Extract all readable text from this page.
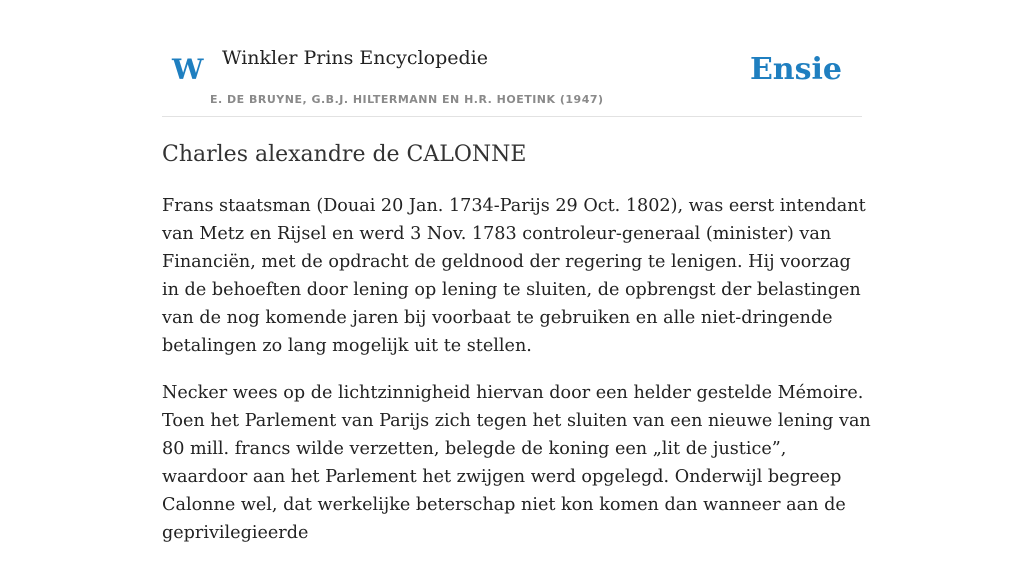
W Winkler Prins Encyclopedie
E. DE BRUYNE, G.B.J. HILTERMANN EN H.R. HOETINK (1947)
Ensie
Charles alexandre de CALONNE

Frans staatsman (Douai 20 Jan. 1734-Parijs 29 Oct. 1802), was eerst intendant van Metz en Rijsel en werd 3 Nov. 1783 controleur-generaal (minister) van Financiën, met de opdracht de geldnood der regering te lenigen. Hij voorzag in de behoeften door lening op lening te sluiten, de opbrengst der belastingen van de nog komende jaren bij voorbaat te gebruiken en alle niet-dringende betalingen zo lang mogelijk uit te stellen.

Necker wees op de lichtzinnigheid hiervan door een helder gestelde Mémoire. Toen het Parlement van Parijs zich tegen het sluiten van een nieuwe lening van 80 mill. francs wilde verzetten, belegde de koning een „lit de justice”, waardoor aan het Parlement het zwijgen werd opgelegd. Onderwijl begreep Calonne wel, dat werkelijke beterschap niet kon komen dan wanneer aan de geprivilegieerde
